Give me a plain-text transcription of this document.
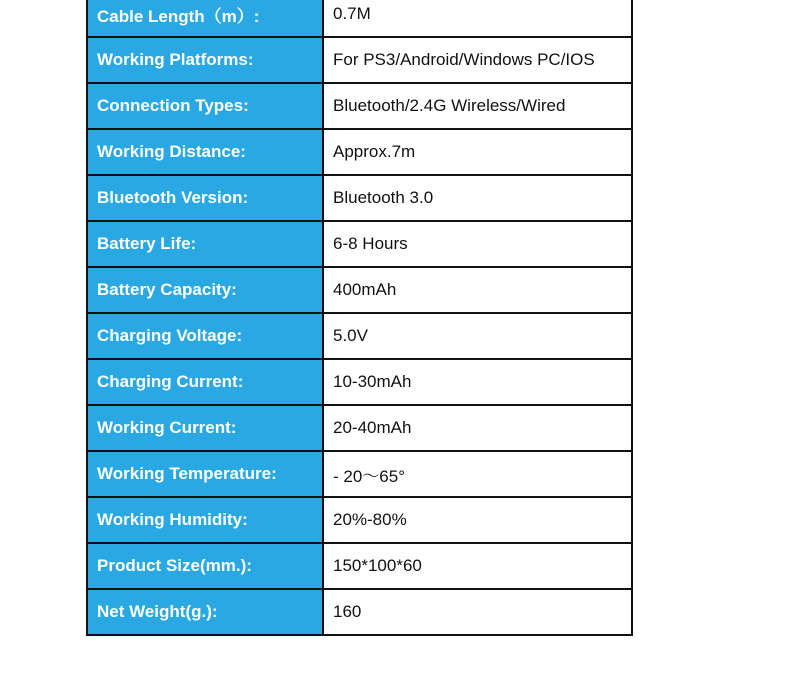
Cable Length（m）:	0.7M
Working Platforms:	For PS3/Android/Windows PC/IOS
Connection Types:	Bluetooth/2.4G Wireless/Wired
Working Distance:	Approx.7m
Bluetooth Version:	Bluetooth 3.0
Battery Life:	6-8 Hours
Battery Capacity:	400mAh
Charging Voltage:	5.0V
Charging Current:	10-30mAh
Working Current:	20-40mAh
Working Temperature:	- 20～65°
Working Humidity:	20%-80%
Product Size(mm.):	150*100*60
Net Weight(g.):	160
